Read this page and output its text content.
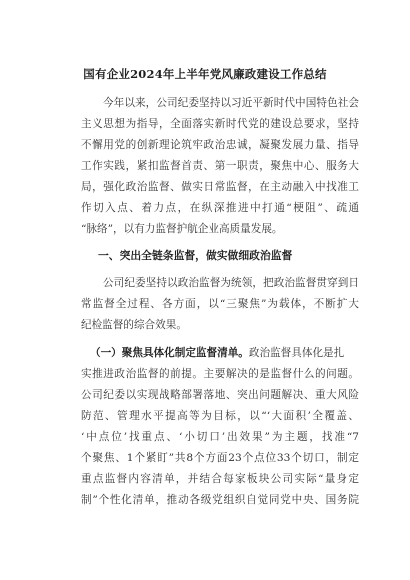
国有企业2024年上半年党风廉政建设工作总结
今年以来，公司纪委坚持以习近平新时代中国特色社会
主义思想为指导，全面落实新时代党的建设总要求，坚持
不懈用党的创新理论筑牢政治忠诚，凝聚发展力量、指导
工作实践，紧扣监督首责、第一职责，聚焦中心、服务大
局，强化政治监督、做实日常监督，在主动融入中找准工
作切入点、着力点，在纵深推进中打通“梗阻”、疏通
“脉络”，以有力监督护航企业高质量发展。
一、突出全链条监督，做实做细政治监督
公司纪委坚持以政治监督为统领，把政治监督贯穿到日
常监督全过程、各方面，以“三聚焦”为载体，不断扩大
纪检监督的综合效果。
（一）聚焦具体化制定监督清单。政治监督具体化是扎
实推进政治监督的前提。主要解决的是监督什么的问题。
公司纪委以实现战略部署落地、突出问题解决、重大风险
防范、管理水平提高等为目标，以“‘大面积’全覆盖、
‘中点位’找重点、‘小切口’出效果”为主题，找准“7
个聚焦、1个紧盯”共8个方面23个点位33个切口，制定
重点监督内容清单，并结合每家板块公司实际“量身定
制”个性化清单，推动各级党组织自觉同党中央、国务院
